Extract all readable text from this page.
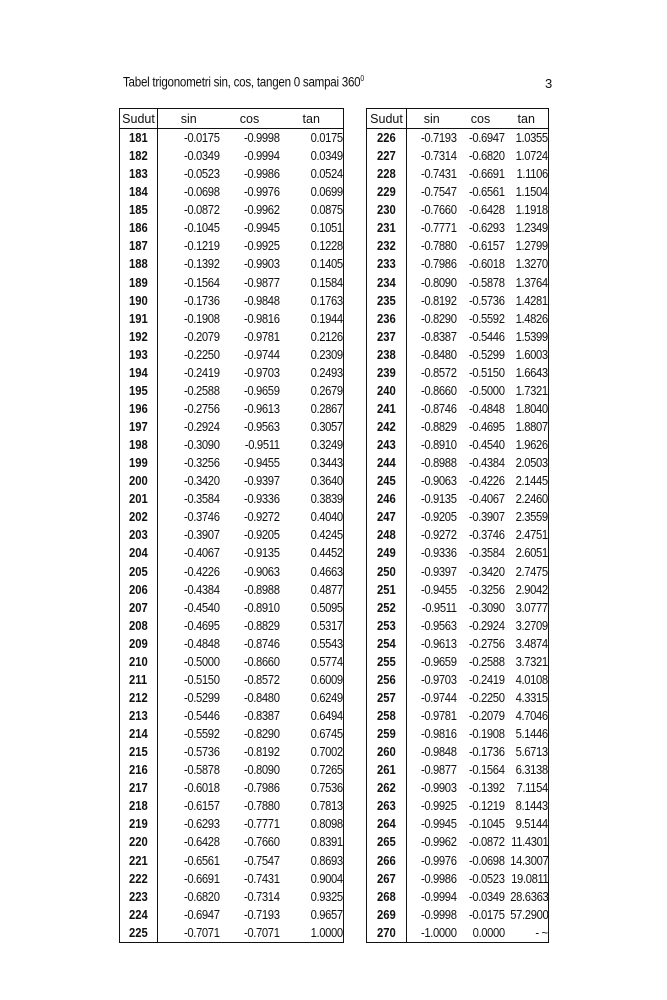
Tabel trigonometri sin, cos, tangen 0 sampai $360^0$	3
Sudut	sin	cos	tan
181	-0.0175	-0.9998	0.0175
182	-0.0349	-0.9994	0.0349
183	-0.0523	-0.9986	0.0524
184	-0.0698	-0.9976	0.0699
185	-0.0872	-0.9962	0.0875
186	-0.1045	-0.9945	0.1051
187	-0.1219	-0.9925	0.1228
188	-0.1392	-0.9903	0.1405
189	-0.1564	-0.9877	0.1584
190	-0.1736	-0.9848	0.1763
191	-0.1908	-0.9816	0.1944
192	-0.2079	-0.9781	0.2126
193	-0.2250	-0.9744	0.2309
194	-0.2419	-0.9703	0.2493
195	-0.2588	-0.9659	0.2679
196	-0.2756	-0.9613	0.2867
197	-0.2924	-0.9563	0.3057
198	-0.3090	-0.9511	0.3249
199	-0.3256	-0.9455	0.3443
200	-0.3420	-0.9397	0.3640
201	-0.3584	-0.9336	0.3839
202	-0.3746	-0.9272	0.4040
203	-0.3907	-0.9205	0.4245
204	-0.4067	-0.9135	0.4452
205	-0.4226	-0.9063	0.4663
206	-0.4384	-0.8988	0.4877
207	-0.4540	-0.8910	0.5095
208	-0.4695	-0.8829	0.5317
209	-0.4848	-0.8746	0.5543
210	-0.5000	-0.8660	0.5774
211	-0.5150	-0.8572	0.6009
212	-0.5299	-0.8480	0.6249
213	-0.5446	-0.8387	0.6494
214	-0.5592	-0.8290	0.6745
215	-0.5736	-0.8192	0.7002
216	-0.5878	-0.8090	0.7265
217	-0.6018	-0.7986	0.7536
218	-0.6157	-0.7880	0.7813
219	-0.6293	-0.7771	0.8098
220	-0.6428	-0.7660	0.8391
221	-0.6561	-0.7547	0.8693
222	-0.6691	-0.7431	0.9004
223	-0.6820	-0.7314	0.9325
224	-0.6947	-0.7193	0.9657
225	-0.7071	-0.7071	1.0000
Sudut	sin	cos	tan
226	-0.7193	-0.6947	1.0355
227	-0.7314	-0.6820	1.0724
228	-0.7431	-0.6691	1.1106
229	-0.7547	-0.6561	1.1504
230	-0.7660	-0.6428	1.1918
231	-0.7771	-0.6293	1.2349
232	-0.7880	-0.6157	1.2799
233	-0.7986	-0.6018	1.3270
234	-0.8090	-0.5878	1.3764
235	-0.8192	-0.5736	1.4281
236	-0.8290	-0.5592	1.4826
237	-0.8387	-0.5446	1.5399
238	-0.8480	-0.5299	1.6003
239	-0.8572	-0.5150	1.6643
240	-0.8660	-0.5000	1.7321
241	-0.8746	-0.4848	1.8040
242	-0.8829	-0.4695	1.8807
243	-0.8910	-0.4540	1.9626
244	-0.8988	-0.4384	2.0503
245	-0.9063	-0.4226	2.1445
246	-0.9135	-0.4067	2.2460
247	-0.9205	-0.3907	2.3559
248	-0.9272	-0.3746	2.4751
249	-0.9336	-0.3584	2.6051
250	-0.9397	-0.3420	2.7475
251	-0.9455	-0.3256	2.9042
252	-0.9511	-0.3090	3.0777
253	-0.9563	-0.2924	3.2709
254	-0.9613	-0.2756	3.4874
255	-0.9659	-0.2588	3.7321
256	-0.9703	-0.2419	4.0108
257	-0.9744	-0.2250	4.3315
258	-0.9781	-0.2079	4.7046
259	-0.9816	-0.1908	5.1446
260	-0.9848	-0.1736	5.6713
261	-0.9877	-0.1564	6.3138
262	-0.9903	-0.1392	7.1154
263	-0.9925	-0.1219	8.1443
264	-0.9945	-0.1045	9.5144
265	-0.9962	-0.0872	11.4301
266	-0.9976	-0.0698	14.3007
267	-0.9986	-0.0523	19.0811
268	-0.9994	-0.0349	28.6363
269	-0.9998	-0.0175	57.2900
270	-1.0000	0.0000	- ~
